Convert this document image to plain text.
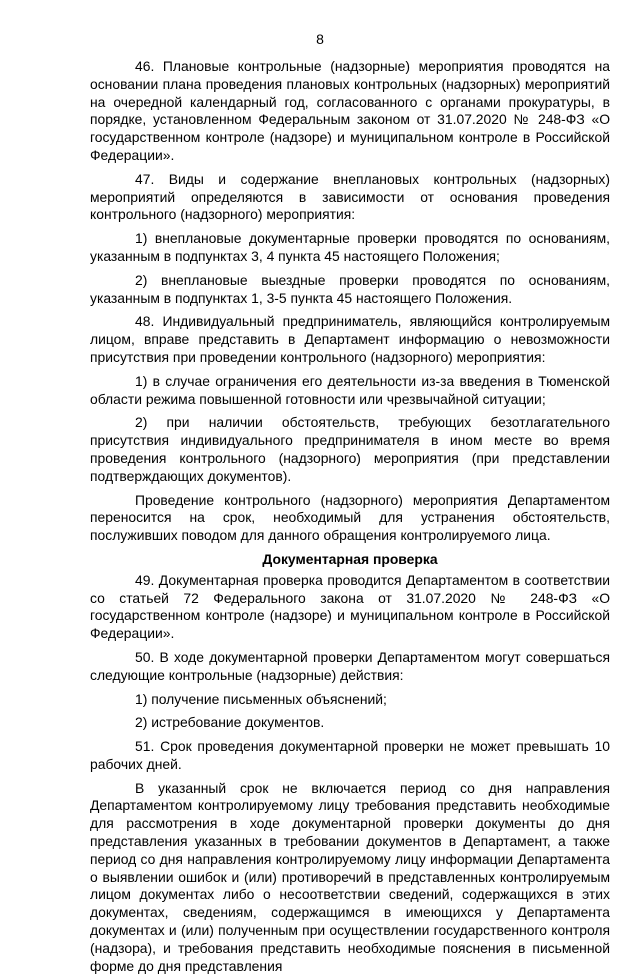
8

46. Плановые контрольные (надзорные) мероприятия проводятся на основании плана проведения плановых контрольных (надзорных) мероприятий на очередной календарный год, согласованного с органами прокуратуры, в порядке, установленном Федеральным законом от 31.07.2020 № 248-ФЗ «О государственном контроле (надзоре) и муниципальном контроле в Российской Федерации».

47. Виды и содержание внеплановых контрольных (надзорных) мероприятий определяются в зависимости от основания проведения контрольного (надзорного) мероприятия:

1) внеплановые документарные проверки проводятся по основаниям, указанным в подпунктах 3, 4 пункта 45 настоящего Положения;

2) внеплановые выездные проверки проводятся по основаниям, указанным в подпунктах 1, 3-5 пункта 45 настоящего Положения.

48. Индивидуальный предприниматель, являющийся контролируемым лицом, вправе представить в Департамент информацию о невозможности присутствия при проведении контрольного (надзорного) мероприятия:

1) в случае ограничения его деятельности из-за введения в Тюменской области режима повышенной готовности или чрезвычайной ситуации;

2) при наличии обстоятельств, требующих безотлагательного присутствия индивидуального предпринимателя в ином месте во время проведения контрольного (надзорного) мероприятия (при представлении подтверждающих документов).

Проведение контрольного (надзорного) мероприятия Департаментом переносится на срок, необходимый для устранения обстоятельств, послуживших поводом для данного обращения контролируемого лица.

Документарная проверка

49. Документарная проверка проводится Департаментом в соответствии со статьей 72 Федерального закона от 31.07.2020 № 248-ФЗ «О государственном контроле (надзоре) и муниципальном контроле в Российской Федерации».

50. В ходе документарной проверки Департаментом могут совершаться следующие контрольные (надзорные) действия:

1) получение письменных объяснений;

2) истребование документов.

51. Срок проведения документарной проверки не может превышать 10 рабочих дней.

В указанный срок не включается период со дня направления Департаментом контролируемому лицу требования представить необходимые для рассмотрения в ходе документарной проверки документы до дня представления указанных в требовании документов в Департамент, а также период со дня направления контролируемому лицу информации Департамента о выявлении ошибок и (или) противоречий в представленных контролируемым лицом документах либо о несоответствии сведений, содержащихся в этих документах, сведениям, содержащимся в имеющихся у Департамента документах и (или) полученным при осуществлении государственного контроля (надзора), и требования представить необходимые пояснения в письменной форме до дня представления
